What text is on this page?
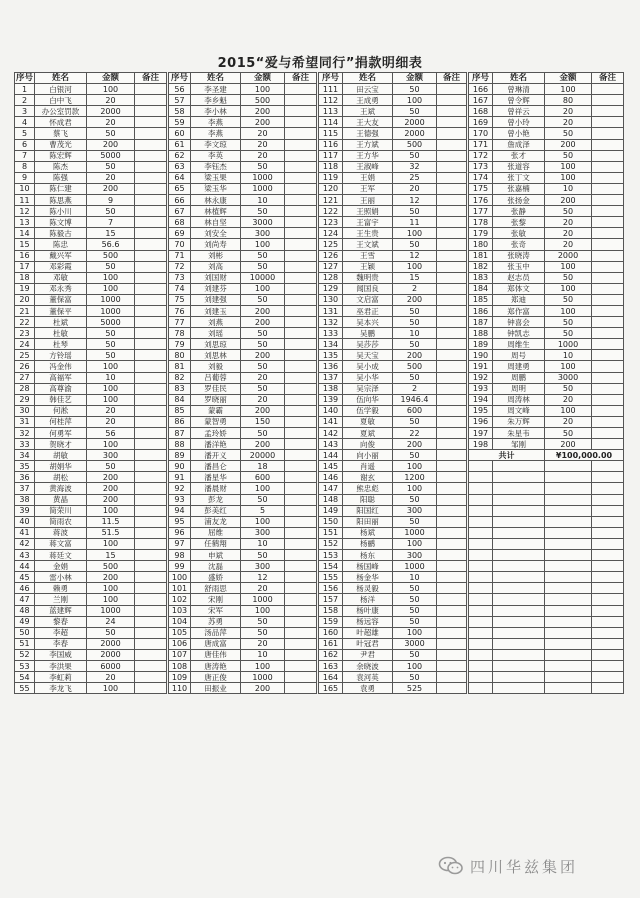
2015“爱与希望同行”捐款明细表
序号	姓名	金额	备注
1	白银河	100	
2	白中飞	20	
3	办公室罚款	2000	
4	怀成君	20	
5	蔡飞	50	
6	曹茂光	200	
7	陈宏辉	5000	
8	陈杰	50	
9	陈强	20	
10	陈仁建	200	
11	陈思燕	9	
12	陈小川	50	
13	陈文博	7	
14	陈毅古	15	
15	陈忠	56.6	
16	戴兴军	500	
17	邓彩霞	50	
18	邓敏	100	
19	邓永秀	100	
20	董保富	1000	
21	董保平	1000	
22	杜斌	5000	
23	杜敏	50	
24	杜琴	50	
25	方铃瑶	50	
26	冯金伟	100	
27	高福军	10	
28	高尊渝	100	
29	韩佳艺	100	
30	何淞	20	
31	何桂萍	20	
32	何勇军	56	
33	贺晓才	100	
34	胡敏	300	
35	胡娟华	50	
36	胡松	200	
37	黄海波	200	
38	黄晶	200	
39	简荣川	100	
40	简雨农	11.5	
41	蒋波	51.5	
42	蒋文富	100	
43	蒋廷文	15	
44	金娟	500	
45	雷小林	200	
46	赖勇	100	
47	兰刚	100	
48	蓝建辉	1000	
49	黎春	24	
50	李超	50	
51	李春	2000	
52	李国威	2000	
53	李洪果	6000	
54	李虹莉	20	
55	李龙飞	100	
序号	姓名	金额	备注
56	李圣建	100	
57	李乡魁	500	
58	李小林	200	
59	李燕	200	
60	李燕	20	
61	李文琼	20	
62	李英	20	
63	李钰杰	50	
64	梁玉果	1000	
65	梁玉华	1000	
66	林永康	10	
67	林植辉	50	
68	林自坚	3000	
69	刘安全	300	
70	刘尚寿	100	
71	刘彬	50	
72	刘高	50	
73	刘国财	10000	
74	刘建芬	100	
75	刘建强	50	
76	刘建玉	200	
77	刘燕	200	
78	刘瑶	50	
79	刘思琼	50	
80	刘思林	200	
81	刘毅	50	
82	吕葡蓉	20	
83	罗佳民	50	
84	罗晓丽	20	
85	蒙霸	200	
86	蒙智勇	150	
87	孟玲娇	50	
88	潘洋艳	200	
89	潘开义	20000	
90	潘昌仑	18	
91	潘星华	600	
92	潘晨财	100	
93	彭龙	50	
94	彭美红	5	
95	浦友龙	100	
96	屈维	300	
97	任鹤翔	10	
98	申斌	50	
99	沈磊	300	
100	盛娇	12	
101	舒雨思	20	
102	宋刚	1000	
103	宋军	100	
104	苏勇	50	
105	汤品萍	50	
106	唐成富	20	
107	唐佳伟	10	
108	唐涛艳	100	
109	唐正俊	1000	
110	田振业	200	
序号	姓名	金额	备注
111	田云宝	50	
112	王成勇	100	
113	王斌	50	
114	王大友	2000	
115	王德强	2000	
116	王方斌	500	
117	王方华	50	
118	王淑峰	32	
119	王娟	25	
120	王军	20	
121	王丽	12	
122	王照娟	50	
123	王富宇	11	
124	王生贵	100	
125	王文斌	50	
126	王雪	12	
127	王颖	100	
128	魏明贵	15	
129	闻国良	2	
130	文启富	200	
131	巫君正	50	
132	吴本兴	50	
133	吴鹏	10	
134	吴莎莎	50	
135	吴天宝	200	
136	吴小成	500	
137	吴小华	50	
138	吴宗泽	2	
139	伍向华	1946.4	
140	伍学毅	600	
141	夏敏	50	
142	夏斌	22	
143	向俊	200	
144	向小丽	50	
145	肖遥	100	
146	谢玄	1200	
147	熊忠彪	100	
148	阳聪	50	
149	阳国红	300	
150	阳田丽	50	
151	杨斌	1000	
152	杨鹂	100	
153	杨东	300	
154	杨国峰	1000	
155	杨金华	10	
156	杨灵毅	50	
157	杨洋	50	
158	杨叶康	50	
159	杨远容	50	
160	叶超雄	100	
161	叶冠君	3000	
162	尹君	50	
163	余晓波	100	
164	袁河英	50	
165	袁勇	525	
序号	姓名	金额	备注
166	曾琳清	100	
167	曾令辉	80	
168	曾祥云	20	
169	曾小玲	20	
170	曾小艳	50	
171	詹成泽	200	
172	张才	50	
173	张道容	100	
174	张丁文	100	
175	张嘉楠	10	
176	张扬金	200	
177	张静	50	
178	张黎	20	
179	张敏	20	
180	张奇	20	
181	张晓涛	2000	
182	张玉中	100	
183	赵志员	50	
184	郑体文	100	
185	郑迪	50	
186	郑作富	100	
187	钟喜会	50	
188	钟凯志	50	
189	周维生	1000	
190	周号	10	
191	周建勇	100	
192	周鹏	3000	
193	周明	50	
194	周涛林	20	
195	周文峰	100	
196	朱万辉	20	
197	朱星韦	50	
198	邹刚	200	
共计		¥100,000.00	

四川华兹集团
